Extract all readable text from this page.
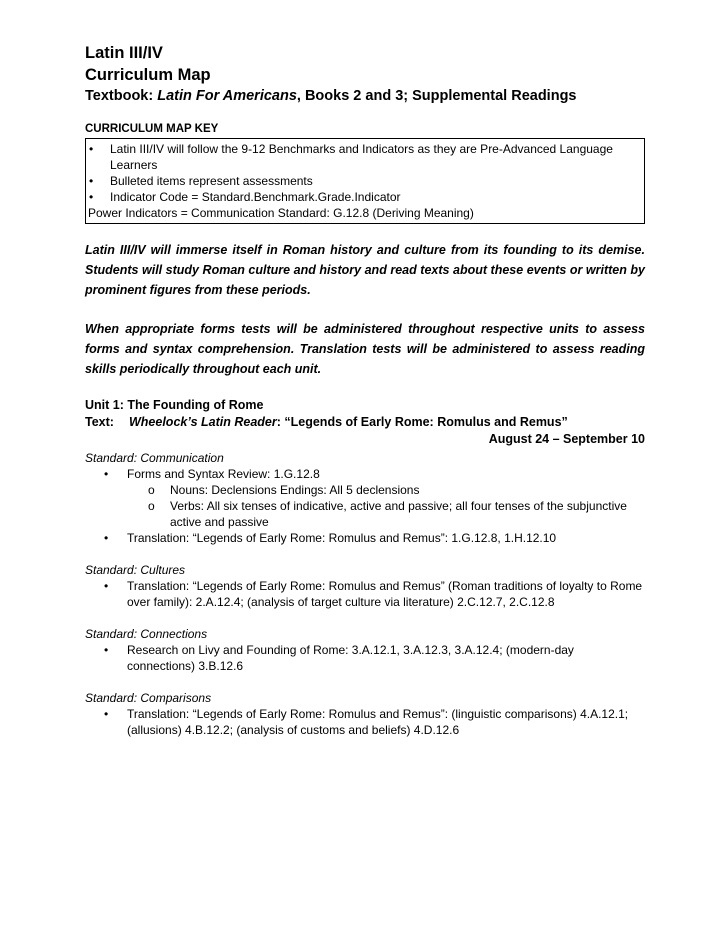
Latin III/IV
Curriculum Map
Textbook: Latin For Americans, Books 2 and 3; Supplemental Readings
CURRICULUM MAP KEY
• Latin III/IV will follow the 9-12 Benchmarks and Indicators as they are Pre-Advanced Language Learners
• Bulleted items represent assessments
• Indicator Code = Standard.Benchmark.Grade.Indicator
Power Indicators = Communication Standard: G.12.8 (Deriving Meaning)

Latin III/IV will immerse itself in Roman history and culture from its founding to its demise. Students will study Roman culture and history and read texts about these events or written by prominent figures from these periods.

When appropriate forms tests will be administered throughout respective units to assess forms and syntax comprehension. Translation tests will be administered to assess reading skills periodically throughout each unit.

Unit 1: The Founding of Rome
Text: Wheelock’s Latin Reader: “Legends of Early Rome: Romulus and Remus”
August 24 – September 10
Standard: Communication
• Forms and Syntax Review: 1.G.12.8
o Nouns: Declensions Endings: All 5 declensions
o Verbs: All six tenses of indicative, active and passive; all four tenses of the subjunctive active and passive
• Translation: “Legends of Early Rome: Romulus and Remus”: 1.G.12.8, 1.H.12.10
Standard: Cultures
• Translation: “Legends of Early Rome: Romulus and Remus” (Roman traditions of loyalty to Rome over family): 2.A.12.4; (analysis of target culture via literature) 2.C.12.7, 2.C.12.8
Standard: Connections
• Research on Livy and Founding of Rome: 3.A.12.1, 3.A.12.3, 3.A.12.4; (modern-day connections) 3.B.12.6
Standard: Comparisons
• Translation: “Legends of Early Rome: Romulus and Remus”: (linguistic comparisons) 4.A.12.1; (allusions) 4.B.12.2; (analysis of customs and beliefs) 4.D.12.6
